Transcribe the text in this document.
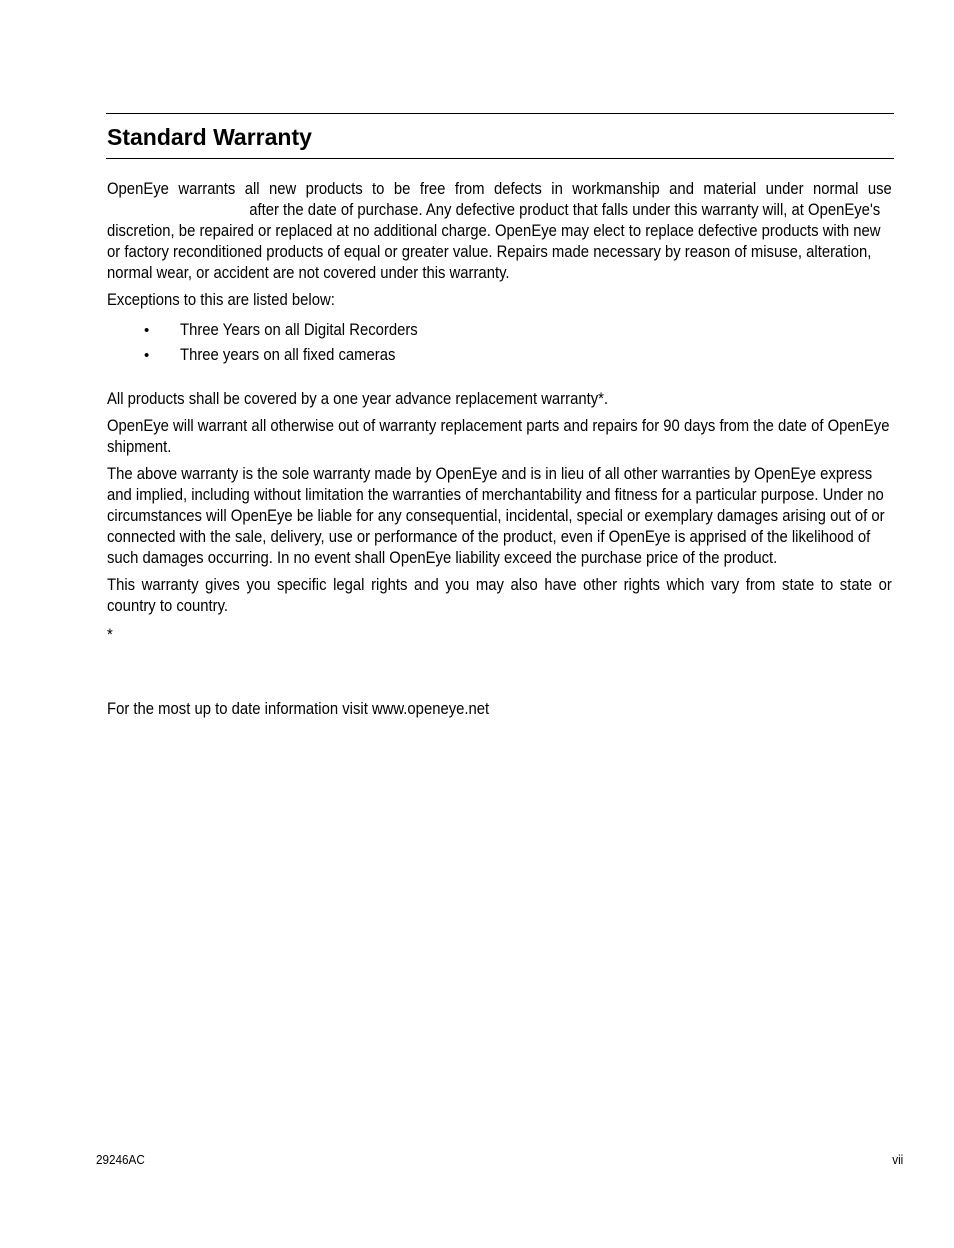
Standard Warranty

OpenEye warrants all new products to be free from defects in workmanship and material under normal use
after the date of purchase. Any defective product that falls under this warranty will, at OpenEye's
discretion, be repaired or replaced at no additional charge. OpenEye may elect to replace defective products with new
or factory reconditioned products of equal or greater value. Repairs made necessary by reason of misuse, alteration,
normal wear, or accident are not covered under this warranty.

Exceptions to this are listed below:

• Three Years on all Digital Recorders
• Three years on all fixed cameras

All products shall be covered by a one year advance replacement warranty*.

OpenEye will warrant all otherwise out of warranty replacement parts and repairs for 90 days from the date of OpenEye shipment.

The above warranty is the sole warranty made by OpenEye and is in lieu of all other warranties by OpenEye express and implied, including without limitation the warranties of merchantability and fitness for a particular purpose. Under no circumstances will OpenEye be liable for any consequential, incidental, special or exemplary damages arising out of or connected with the sale, delivery, use or performance of the product, even if OpenEye is apprised of the likelihood of such damages occurring. In no event shall OpenEye liability exceed the purchase price of the product.

This warranty gives you specific legal rights and you may also have other rights which vary from state to state or
country to country.

*

For the most up to date information visit www.openeye.net

29246AC	vii
